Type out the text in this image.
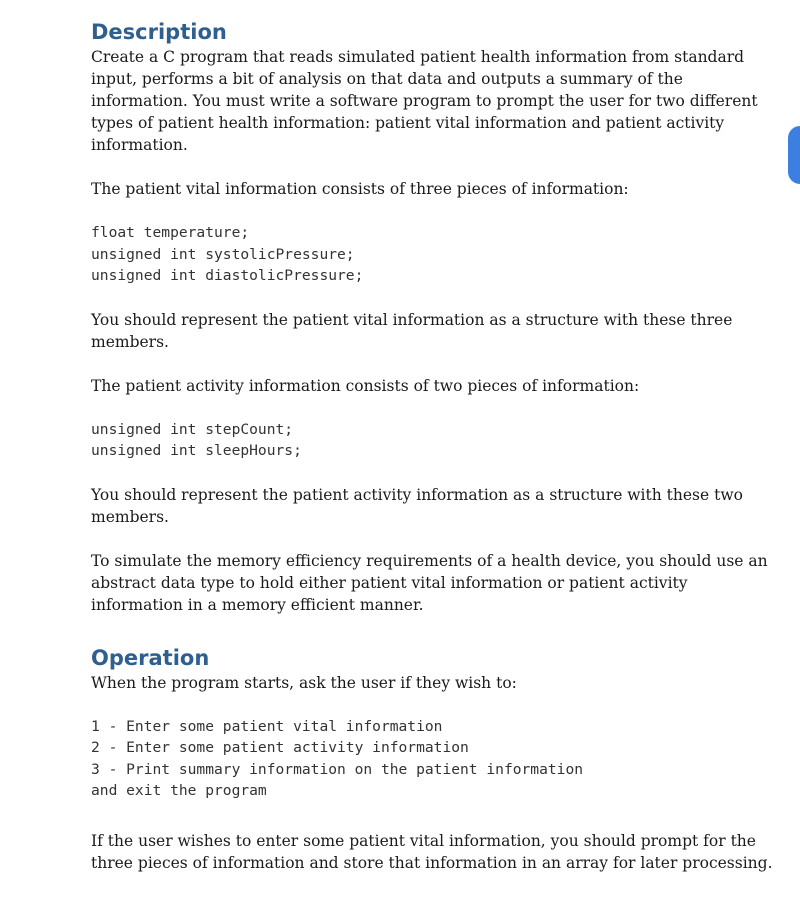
Description

Create a C program that reads simulated patient health information from standard input, performs a bit of analysis on that data and outputs a summary of the information. You must write a software program to prompt the user for two different types of patient health information: patient vital information and patient activity information.

The patient vital information consists of three pieces of information:

float temperature;
unsigned int systolicPressure;
unsigned int diastolicPressure;

You should represent the patient vital information as a structure with these three members.

The patient activity information consists of two pieces of information:

unsigned int stepCount;
unsigned int sleepHours;

You should represent the patient activity information as a structure with these two members.

To simulate the memory efficiency requirements of a health device, you should use an abstract data type to hold either patient vital information or patient activity information in a memory efficient manner.

Operation

When the program starts, ask the user if they wish to:

1 - Enter some patient vital information
2 - Enter some patient activity information
3 - Print summary information on the patient information
and exit the program

If the user wishes to enter some patient vital information, you should prompt for the three pieces of information and store that information in an array for later processing.
